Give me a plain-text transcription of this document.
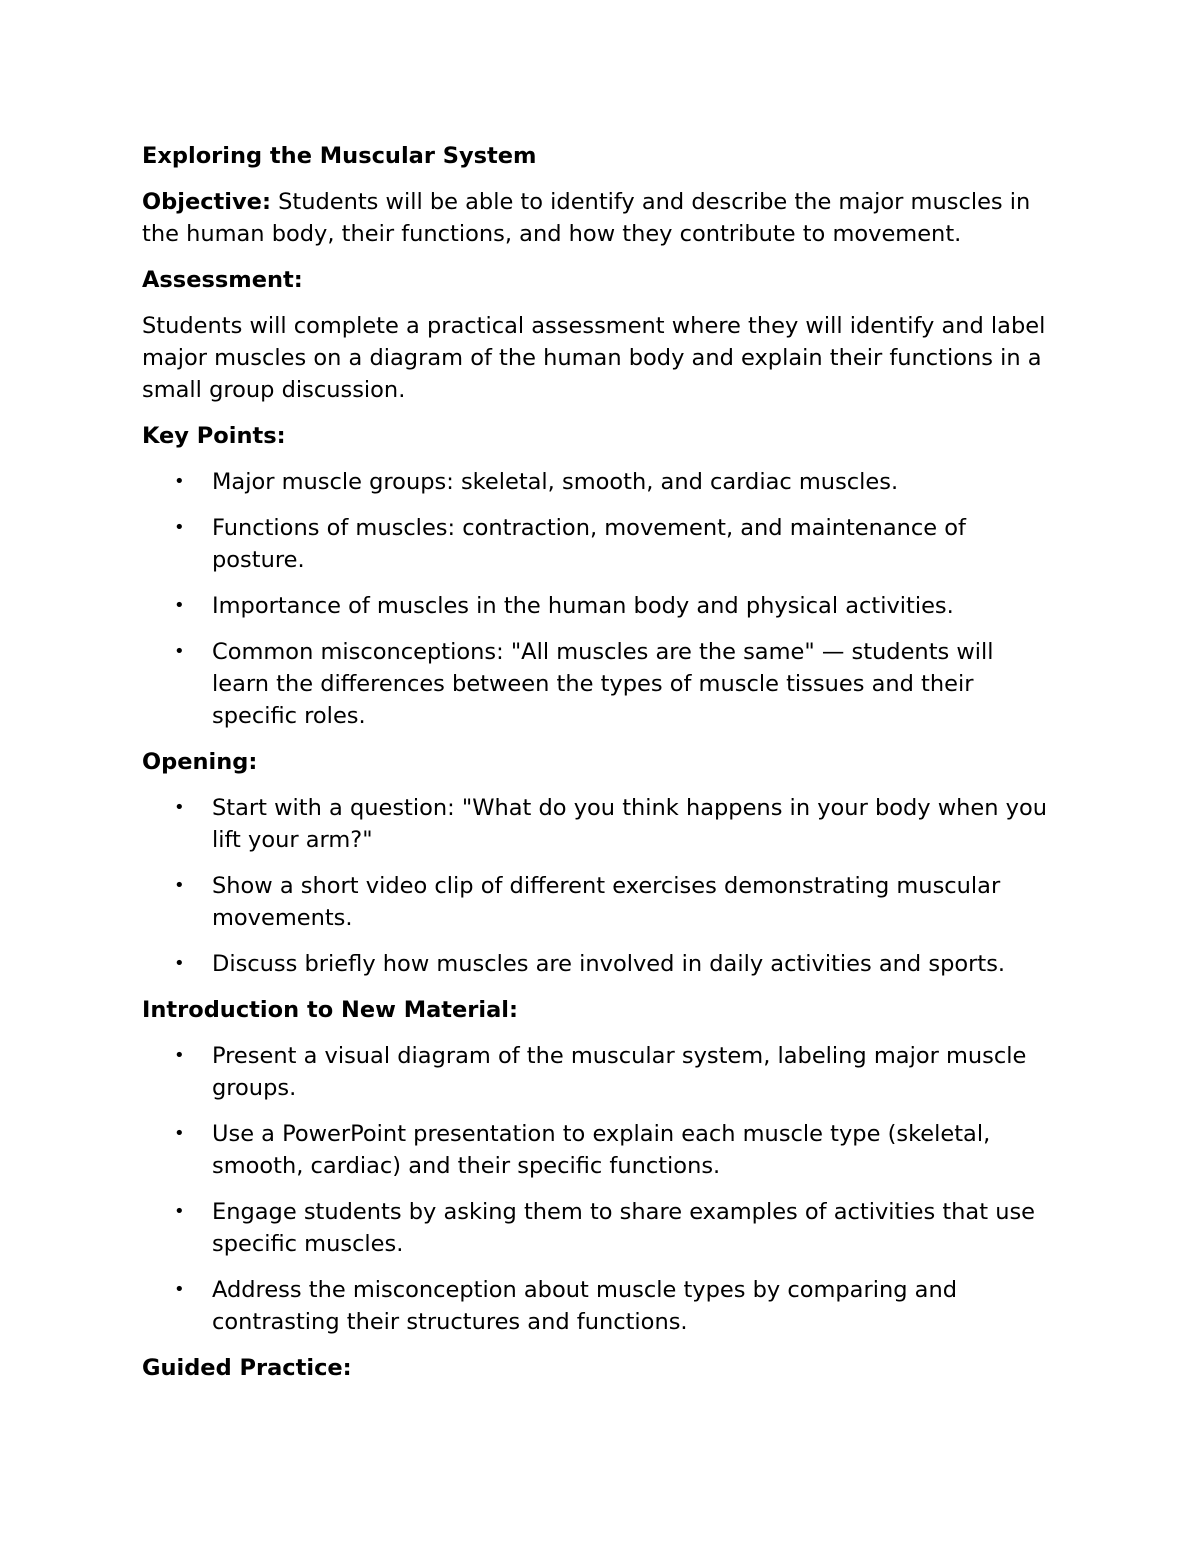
Exploring the Muscular System
Objective: Students will be able to identify and describe the major muscles in the human body, their functions, and how they contribute to movement.
Assessment:
Students will complete a practical assessment where they will identify and label major muscles on a diagram of the human body and explain their functions in a small group discussion.
Key Points:
• Major muscle groups: skeletal, smooth, and cardiac muscles.
• Functions of muscles: contraction, movement, and maintenance of posture.
• Importance of muscles in the human body and physical activities.
• Common misconceptions: "All muscles are the same" — students will learn the differences between the types of muscle tissues and their specific roles.
Opening:
• Start with a question: "What do you think happens in your body when you lift your arm?"
• Show a short video clip of different exercises demonstrating muscular movements.
• Discuss briefly how muscles are involved in daily activities and sports.
Introduction to New Material:
• Present a visual diagram of the muscular system, labeling major muscle groups.
• Use a PowerPoint presentation to explain each muscle type (skeletal, smooth, cardiac) and their specific functions.
• Engage students by asking them to share examples of activities that use specific muscles.
• Address the misconception about muscle types by comparing and contrasting their structures and functions.
Guided Practice:
